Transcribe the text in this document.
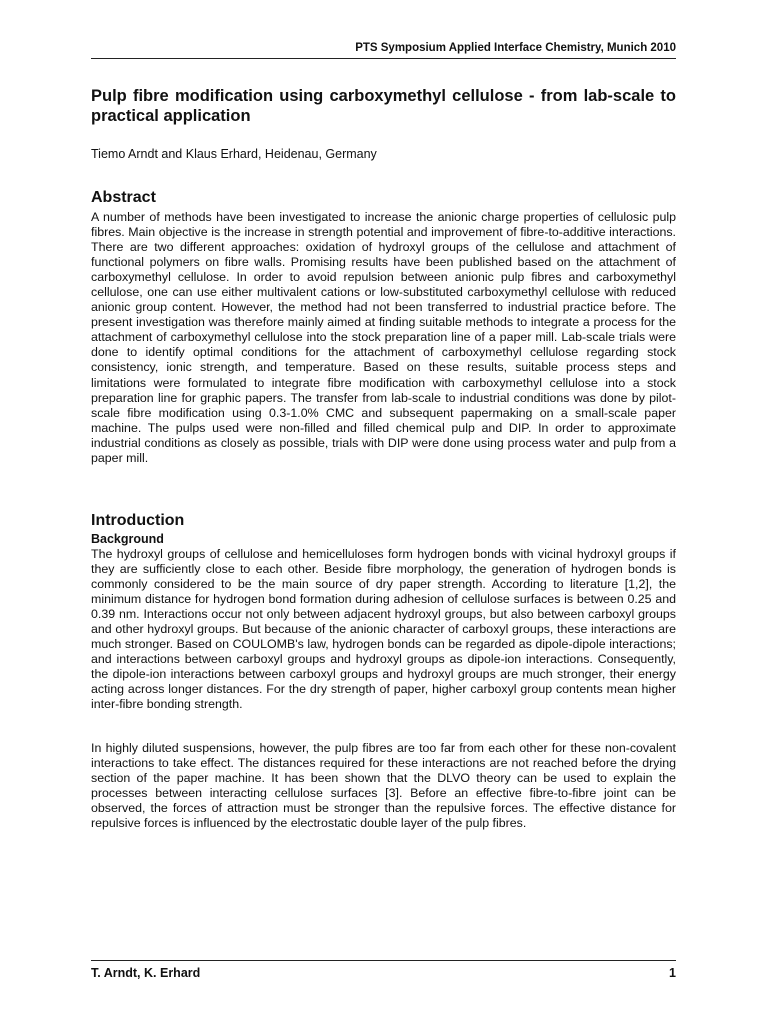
PTS Symposium Applied Interface Chemistry, Munich 2010
Pulp fibre modification using carboxymethyl cellulose - from lab-scale to practical application
Tiemo Arndt and Klaus Erhard, Heidenau, Germany
Abstract

A number of methods have been investigated to increase the anionic charge properties of cellulosic pulp fibres. Main objective is the increase in strength potential and improvement of fibre-to-additive interactions. There are two different approaches: oxidation of hydroxyl groups of the cellulose and attachment of functional polymers on fibre walls. Promising results have been published based on the attachment of carboxymethyl cellulose. In order to avoid repulsion between anionic pulp fibres and carboxymethyl cellulose, one can use either multivalent cations or low-substituted carboxymethyl cellulose with reduced anionic group content. However, the method had not been transferred to industrial practice before. The present investigation was therefore mainly aimed at finding suitable methods to integrate a process for the attachment of carboxymethyl cellulose into the stock preparation line of a paper mill. Lab-scale trials were done to identify optimal conditions for the attachment of carboxymethyl cellulose regarding stock consistency, ionic strength, and temperature. Based on these results, suitable process steps and limitations were formulated to integrate fibre modification with carboxymethyl cellulose into a stock preparation line for graphic papers. The transfer from lab-scale to industrial conditions was done by pilot-scale fibre modification using 0.3-1.0% CMC and subsequent papermaking on a small-scale paper machine. The pulps used were non-filled and filled chemical pulp and DIP. In order to approximate industrial conditions as closely as possible, trials with DIP were done using process water and pulp from a paper mill.

Introduction
Background

The hydroxyl groups of cellulose and hemicelluloses form hydrogen bonds with vicinal hydroxyl groups if they are sufficiently close to each other. Beside fibre morphology, the generation of hydrogen bonds is commonly considered to be the main source of dry paper strength. According to literature [1,2], the minimum distance for hydrogen bond formation during adhesion of cellulose surfaces is between 0.25 and 0.39 nm. Interactions occur not only between adjacent hydroxyl groups, but also between carboxyl groups and other hydroxyl groups. But because of the anionic character of carboxyl groups, these interactions are much stronger. Based on COULOMB's law, hydrogen bonds can be regarded as dipole-dipole interactions; and interactions between carboxyl groups and hydroxyl groups as dipole-ion interactions. Consequently, the dipole-ion interactions between carboxyl groups and hydroxyl groups are much stronger, their energy acting across longer distances. For the dry strength of paper, higher carboxyl group contents mean higher inter-fibre bonding strength.

In highly diluted suspensions, however, the pulp fibres are too far from each other for these non-covalent interactions to take effect. The distances required for these interactions are not reached before the drying section of the paper machine. It has been shown that the DLVO theory can be used to explain the processes between interacting cellulose surfaces [3]. Before an effective fibre-to-fibre joint can be observed, the forces of attraction must be stronger than the repulsive forces. The effective distance for repulsive forces is influenced by the electrostatic double layer of the pulp fibres.

T. Arndt, K. Erhard	1
